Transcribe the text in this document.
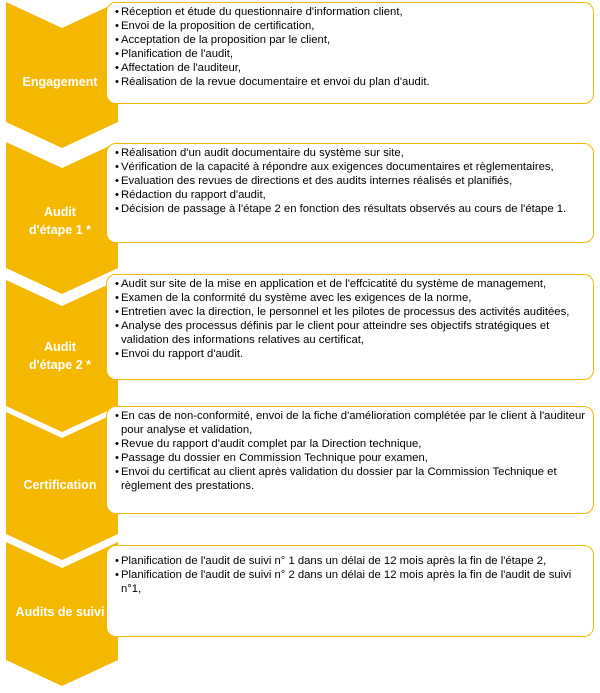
Engagement
• Réception et étude du questionnaire d'information client,
• Envoi de la proposition de certification,
• Acceptation de la proposition par le client,
• Planification de l'audit,
• Affectation de l'auditeur,
• Réalisation de la revue documentaire et envoi du plan d'audit.
Audit
d'étape 1 *
• Réalisation d'un audit documentaire du système sur site,
• Vérification de la capacité à répondre aux exigences documentaires et règlementaires,
• Evaluation des revues de directions et des audits internes réalisés et planifiés,
• Rédaction du rapport d'audit,
• Décision de passage à l'étape 2 en fonction des résultats observés au cours de l'étape 1.
Audit
d'étape 2 *
• Audit sur site de la mise en application et de l'effcicatité du système de management,
• Examen de la conformité du système avec les exigences de la norme,
• Entretien avec la direction, le personnel et les pilotes de processus des activités auditées,
• Analyse des processus définis par le client pour atteindre ses objectifs stratégiques et validation des informations relatives au certificat,
• Envoi du rapport d'audit.
Certification
• En cas de non-conformité, envoi de la fiche d'amélioration complétée par le client à l'auditeur pour analyse et validation,
• Revue du rapport d'audit complet par la Direction technique,
• Passage du dossier en Commission Technique pour examen,
• Envoi du certificat au client après validation du dossier par la Commission Technique et règlement des prestations.
Audits de suivi
• Planification de l'audit de suivi n° 1 dans un délai de 12 mois après la fin de l'étape 2,
• Planification de l'audit de suivi n° 2 dans un délai de 12 mois après la fin de l'audit de suivi n°1,
